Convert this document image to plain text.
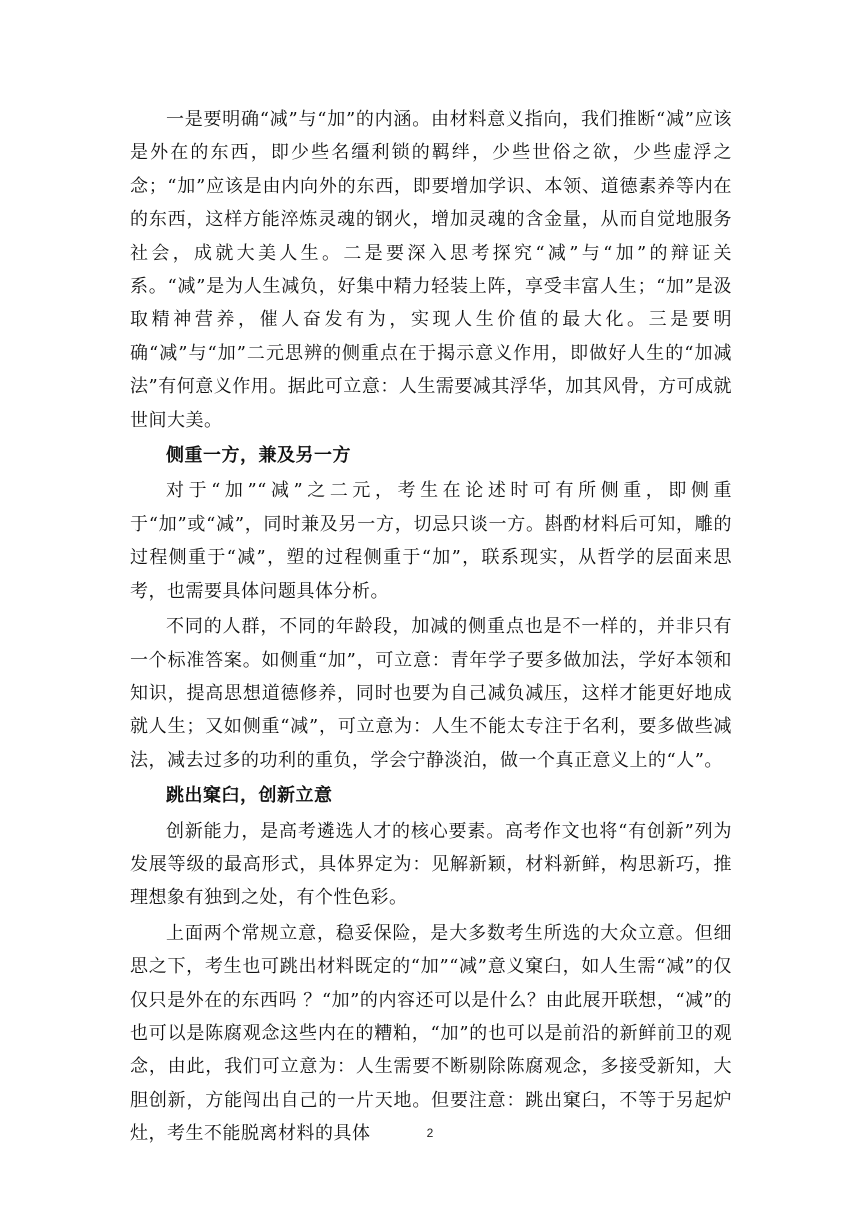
一是要明确“减”与“加”的内涵。由材料意义指向，我们推断“减”应该是外在的东西，即少些名缰利锁的羁绊，少些世俗之欲，少些虚浮之念；“加”应该是由内向外的东西，即要增加学识、本领、道德素养等内在的东西，这样方能淬炼灵魂的钢火，增加灵魂的含金量，从而自觉地服务社会，成就大美人生。二是要深入思考探究“减”与“加”的辩证关系。“减”是为人生减负，好集中精力轻装上阵，享受丰富人生；“加”是汲取精神营养，催人奋发有为，实现人生价值的最大化。三是要明确“减”与“加”二元思辨的侧重点在于揭示意义作用，即做好人生的“加减法”有何意义作用。据此可立意：人生需要减其浮华，加其风骨，方可成就世间大美。

侧重一方，兼及另一方

对于“加”“减”之二元，考生在论述时可有所侧重，即侧重于“加”或“减”，同时兼及另一方，切忌只谈一方。斟酌材料后可知，雕的过程侧重于“减”，塑的过程侧重于“加”，联系现实，从哲学的层面来思考，也需要具体问题具体分析。

不同的人群，不同的年龄段，加减的侧重点也是不一样的，并非只有一个标准答案。如侧重“加”，可立意：青年学子要多做加法，学好本领和知识，提高思想道德修养，同时也要为自己减负减压，这样才能更好地成就人生；又如侧重“减”，可立意为：人生不能太专注于名利，要多做些减法，减去过多的功利的重负，学会宁静淡泊，做一个真正意义上的“人”。

跳出窠臼，创新立意

创新能力，是高考遴选人才的核心要素。高考作文也将“有创新”列为发展等级的最高形式，具体界定为：见解新颖，材料新鲜，构思新巧，推理想象有独到之处，有个性色彩。

上面两个常规立意，稳妥保险，是大多数考生所选的大众立意。但细思之下，考生也可跳出材料既定的“加”“减”意义窠臼，如人生需“减”的仅仅只是外在的东西吗 ？“加”的内容还可以是什么？由此展开联想，“减”的也可以是陈腐观念这些内在的糟粕，“加”的也可以是前沿的新鲜前卫的观念，由此，我们可立意为：人生需要不断剔除陈腐观念，多接受新知，大胆创新，方能闯出自己的一片天地。但要注意：跳出窠臼，不等于另起炉灶，考生不能脱离材料的具体	2
